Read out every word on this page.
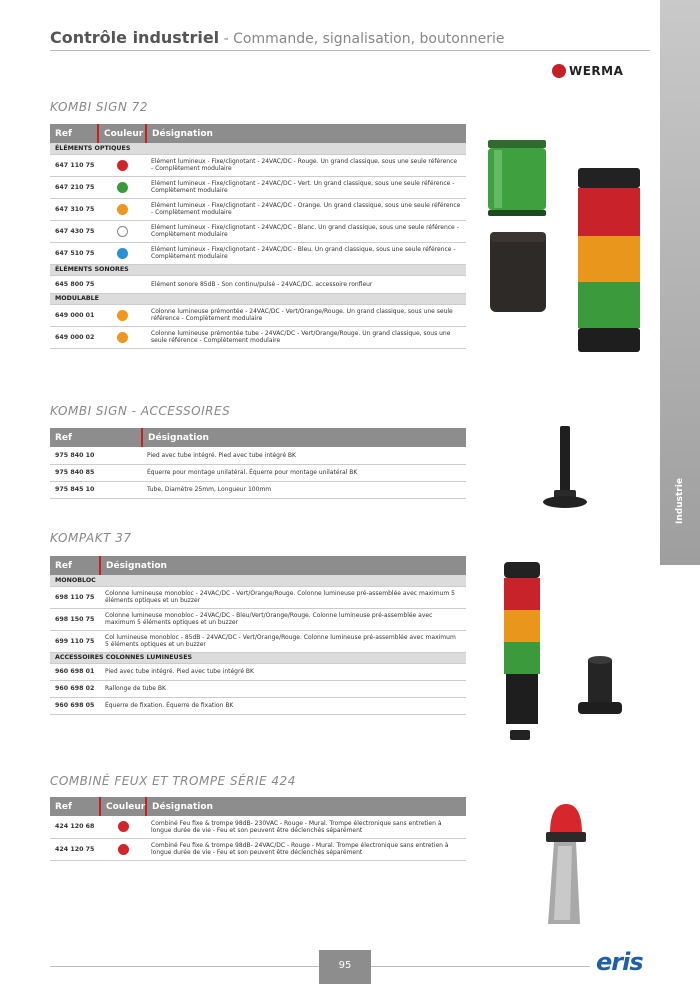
Contrôle industriel - Commande, signalisation, boutonnerie
WERMA
Industrie
KOMBI SIGN 72
Ref	Couleur	Désignation
ÉLÉMENTS OPTIQUES		
647 110 75		Elément lumineux - Fixe/clignotant - 24VAC/DC - Rouge. Un grand classique, sous une seule référence - Complètement modulaire
647 210 75		Elément lumineux - Fixe/clignotant - 24VAC/DC - Vert. Un grand classique, sous une seule référence - Complètement modulaire
647 310 75		Elément lumineux - Fixe/clignotant - 24VAC/DC - Orange. Un grand classique, sous une seule référence - Complètement modulaire
647 430 75		Elément lumineux - Fixe/clignotant - 24VAC/DC - Blanc. Un grand classique, sous une seule référence - Complètement modulaire
647 510 75		Elément lumineux - Fixe/clignotant - 24VAC/DC - Bleu. Un grand classique, sous une seule référence - Complètement modulaire
ÉLÉMENTS SONORES		
645 800 75		Elément sonore 85dB - Son continu/pulsé - 24VAC/DC. accessoire ronfleur
MODULABLE		
649 000 01		Colonne lumineuse prémontée - 24VAC/DC - Vert/Orange/Rouge. Un grand classique, sous une seule référence - Complètement modulaire
649 000 02		Colonne lumineuse prémontée tube - 24VAC/DC - Vert/Orange/Rouge. Un grand classique, sous une seule référence - Complètement modulaire
KOMBI SIGN - ACCESSOIRES
Ref	Désignation
975 840 10	Pied avec tube intégré. Pied avec tube intégré BK
975 840 85	Équerre pour montage unilatéral. Équerre pour montage unilatéral BK
975 845 10	Tube, Diamètre 25mm, Longueur 100mm
KOMPAKT 37
Ref	Désignation
MONOBLOC	
698 110 75	Colonne lumineuse monobloc - 24VAC/DC - Vert/Orange/Rouge. Colonne lumineuse pré-assemblée avec maximum 5 éléments optiques et un buzzer
698 150 75	Colonne lumineuse monobloc - 24VAC/DC - Bleu/Vert/Orange/Rouge. Colonne lumineuse pré-assemblée avec maximum 5 éléments optiques et un buzzer
699 110 75	Col lumineuse monobloc - 85dB - 24VAC/DC - Vert/Orange/Rouge. Colonne lumineuse pré-assemblée avec maximum 5 éléments optiques et un buzzer
ACCESSOIRES COLONNES LUMINEUSES	
960 698 01	Pied avec tube intégré. Pied avec tube intégré BK
960 698 02	Rallonge de tube BK
960 698 05	Équerre de fixation. Équerre de fixation BK
COMBINÉ FEUX ET TROMPE SÉRIE 424
Ref	Couleur	Désignation
424 120 68		Combiné Feu fixe & trompe 98dB- 230VAC - Rouge - Mural. Trompe électronique sans entretien à longue durée de vie - Feu et son peuvent être déclenchés séparément
424 120 75		Combiné Feu fixe & trompe 98dB- 24VAC/DC - Rouge - Mural. Trompe électronique sans entretien à longue durée de vie - Feu et son peuvent être déclenchés séparément
95	eris
